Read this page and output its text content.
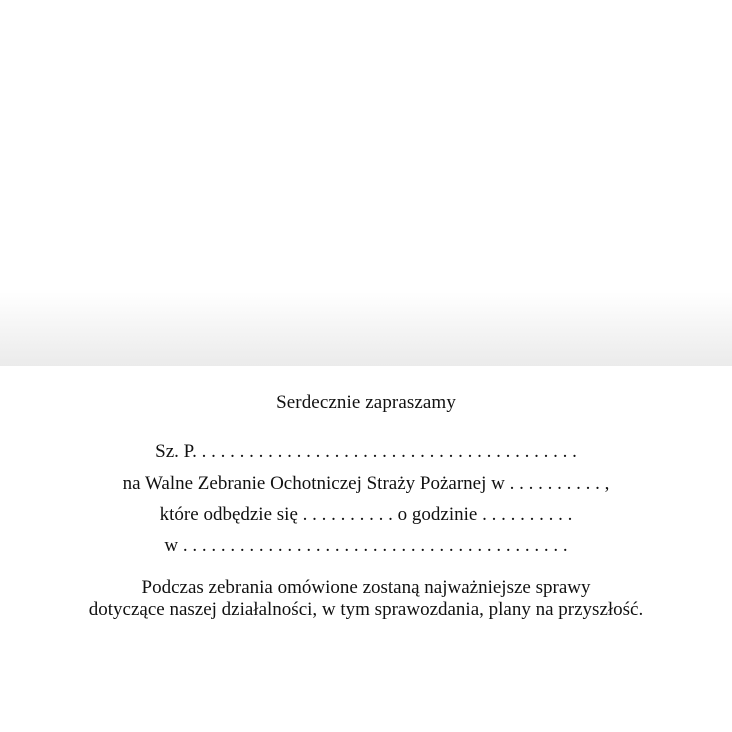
Serdecznie zapraszamy
Sz. P. . . . . . . . . . . . . . . . . . . . . . . . . . . . . . . . . . . . . . . . .
na Walne Zebranie Ochotniczej Straży Pożarnej w . . . . . . . . . . ,
które odbędzie się . . . . . . . . . . o godzinie . . . . . . . . . .
w . . . . . . . . . . . . . . . . . . . . . . . . . . . . . . . . . . . . . . . . .
Podczas zebrania omówione zostaną najważniejsze sprawy
dotyczące naszej działalności, w tym sprawozdania, plany na przyszłość.
